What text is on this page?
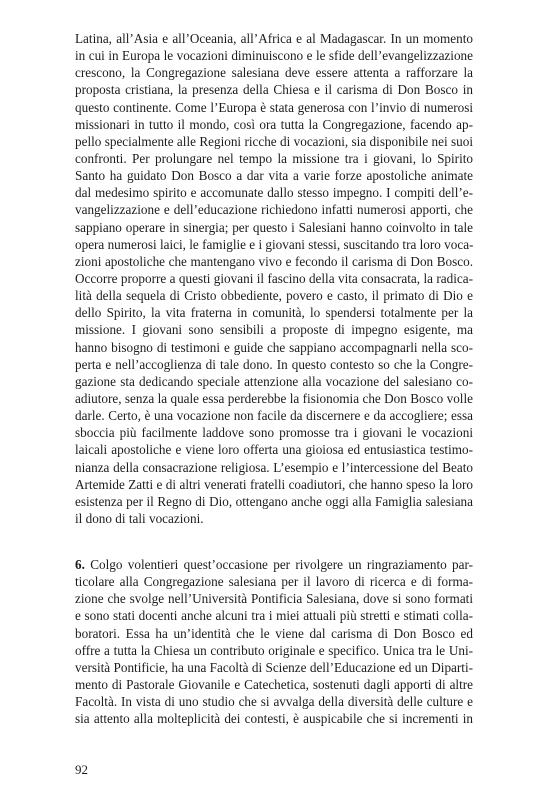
Latina, all’Asia e all’Oceania, all’Africa e al Madagascar. In un momento
in cui in Europa le vocazioni diminuiscono e le sfide dell’evangelizzazione
crescono, la Congregazione salesiana deve essere attenta a rafforzare la
proposta cristiana, la presenza della Chiesa e il carisma di Don Bosco in
questo continente. Come l’Europa è stata generosa con l’invio di numerosi
missionari in tutto il mondo, così ora tutta la Congregazione, facendo ap-
pello specialmente alle Regioni ricche di vocazioni, sia disponibile nei suoi
confronti. Per prolungare nel tempo la missione tra i giovani, lo Spirito
Santo ha guidato Don Bosco a dar vita a varie forze apostoliche animate
dal medesimo spirito e accomunate dallo stesso impegno. I compiti dell’e-
vangelizzazione e dell’educazione richiedono infatti numerosi apporti, che
sappiano operare in sinergia; per questo i Salesiani hanno coinvolto in tale
opera numerosi laici, le famiglie e i giovani stessi, suscitando tra loro voca-
zioni apostoliche che mantengano vivo e fecondo il carisma di Don Bosco.
Occorre proporre a questi giovani il fascino della vita consacrata, la radica-
lità della sequela di Cristo obbediente, povero e casto, il primato di Dio e
dello Spirito, la vita fraterna in comunità, lo spendersi totalmente per la
missione. I giovani sono sensibili a proposte di impegno esigente, ma
hanno bisogno di testimoni e guide che sappiano accompagnarli nella sco-
perta e nell’accoglienza di tale dono. In questo contesto so che la Congre-
gazione sta dedicando speciale attenzione alla vocazione del salesiano co-
adiutore, senza la quale essa perderebbe la fisionomia che Don Bosco volle
darle. Certo, è una vocazione non facile da discernere e da accogliere; essa
sboccia più facilmente laddove sono promosse tra i giovani le vocazioni
laicali apostoliche e viene loro offerta una gioiosa ed entusiastica testimo-
nianza della consacrazione religiosa. L’esempio e l’intercessione del Beato
Artemide Zatti e di altri venerati fratelli coadiutori, che hanno speso la loro
esistenza per il Regno di Dio, ottengano anche oggi alla Famiglia salesiana
il dono di tali vocazioni.
6. Colgo volentieri quest’occasione per rivolgere un ringraziamento par-
ticolare alla Congregazione salesiana per il lavoro di ricerca e di forma-
zione che svolge nell’Università Pontificia Salesiana, dove si sono formati
e sono stati docenti anche alcuni tra i miei attuali più stretti e stimati colla-
boratori. Essa ha un’identità che le viene dal carisma di Don Bosco ed
offre a tutta la Chiesa un contributo originale e specifico. Unica tra le Uni-
versità Pontificie, ha una Facoltà di Scienze dell’Educazione ed un Diparti-
mento di Pastorale Giovanile e Catechetica, sostenuti dagli apporti di altre
Facoltà. In vista di uno studio che si avvalga della diversità delle culture e
sia attento alla molteplicità dei contesti, è auspicabile che si incrementi in
92
